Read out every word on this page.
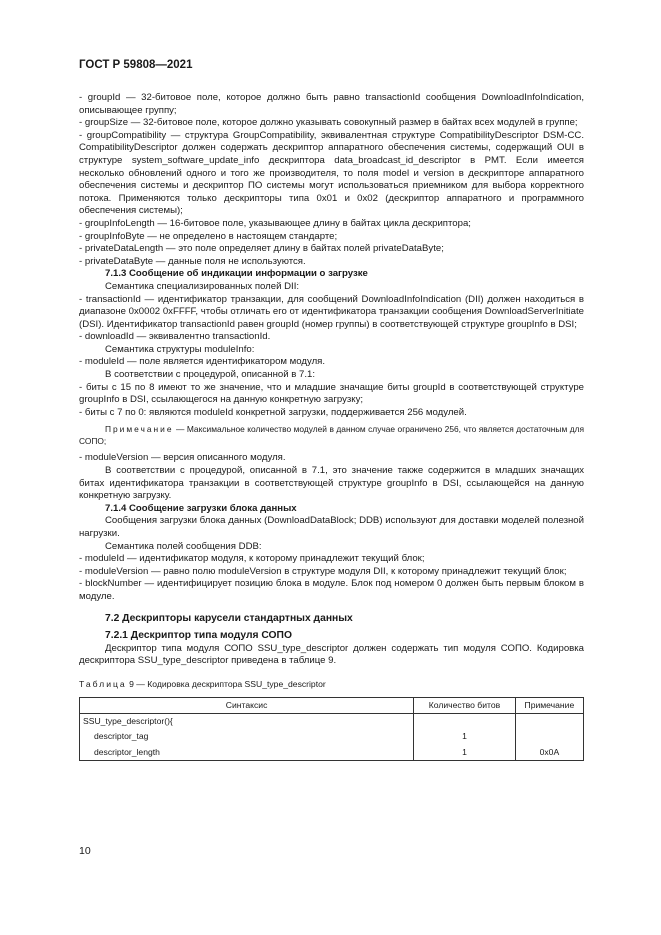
ГОСТ Р 59808—2021

- groupId — 32-битовое поле, которое должно быть равно transactionId сообщения DownloadInfoIndication, описывающее группу;

- groupSize — 32-битовое поле, которое должно указывать совокупный размер в байтах всех модулей в группе;

- groupCompatibility — структура GroupCompatibility, эквивалентная структуре CompatibilityDescriptor DSM-CC. CompatibilityDescriptor должен содержать дескриптор аппаратного обеспечения системы, содержащий OUI в структуре system_software_update_info дескриптора data_broadcast_id_descriptor в PMT. Если имеется несколько обновлений одного и того же производителя, то поля model и version в дескрипторе аппаратного обеспечения системы и дескриптор ПО системы могут использоваться приемником для выбора корректного потока. Применяются только дескрипторы типа 0x01 и 0x02 (дескриптор аппаратного и программного обеспечения системы);

- groupInfoLength — 16-битовое поле, указывающее длину в байтах цикла дескриптора;

- groupInfoByte — не определено в настоящем стандарте;

- privateDataLength — это поле определяет длину в байтах полей privateDataByte;

- privateDataByte — данные поля не используются.

7.1.3 Сообщение об индикации информации о загрузке

Семантика специализированных полей DII:

- transactionId — идентификатор транзакции, для сообщений DownloadInfoIndication (DII) должен находиться в диапазоне 0x0002 0xFFFF, чтобы отличать его от идентификатора транзакции сообщения DownloadServerInitiate (DSI). Идентификатор transactionId равен groupId (номер группы) в соответствующей структуре groupInfo в DSI;

- downloadId — эквивалентно transactionId.

Семантика структуры moduleInfo:

- moduleId — поле является идентификатором модуля.

В соответствии с процедурой, описанной в 7.1:

- биты с 15 по 8 имеют то же значение, что и младшие значащие биты groupId в соответствующей структуре groupInfo в DSI, ссылающегося на данную конкретную загрузку;

- биты с 7 по 0: являются moduleId конкретной загрузки, поддерживается 256 модулей.

Примечание — Максимальное количество модулей в данном случае ограничено 256, что является достаточным для СОПО;

- moduleVersion — версия описанного модуля.

В соответствии с процедурой, описанной в 7.1, это значение также содержится в младших значащих битах идентификатора транзакции в соответствующей структуре groupInfo в DSI, ссылающейся на данную конкретную загрузку.

7.1.4 Сообщение загрузки блока данных

Сообщения загрузки блока данных (DownloadDataBlock; DDB) используют для доставки моделей полезной нагрузки.

Семантика полей сообщения DDB:

- moduleId — идентификатор модуля, к которому принадлежит текущий блок;

- moduleVersion — равно полю moduleVersion в структуре модуля DII, к которому принадлежит текущий блок;

- blockNumber — идентифицирует позицию блока в модуле. Блок под номером 0 должен быть первым блоком в модуле.

7.2 Дескрипторы карусели стандартных данных

7.2.1 Дескриптор типа модуля СОПО

Дескриптор типа модуля СОПО SSU_type_descriptor должен содержать тип модуля СОПО. Кодировка дескриптора SSU_type_descriptor приведена в таблице 9.

Таблица 9 — Кодировка дескриптора SSU_type_descriptor
Синтаксис	Количество битов	Примечание
SSU_type_descriptor(){		
descriptor_tag	1	
descriptor_length	1	0x0A
10
